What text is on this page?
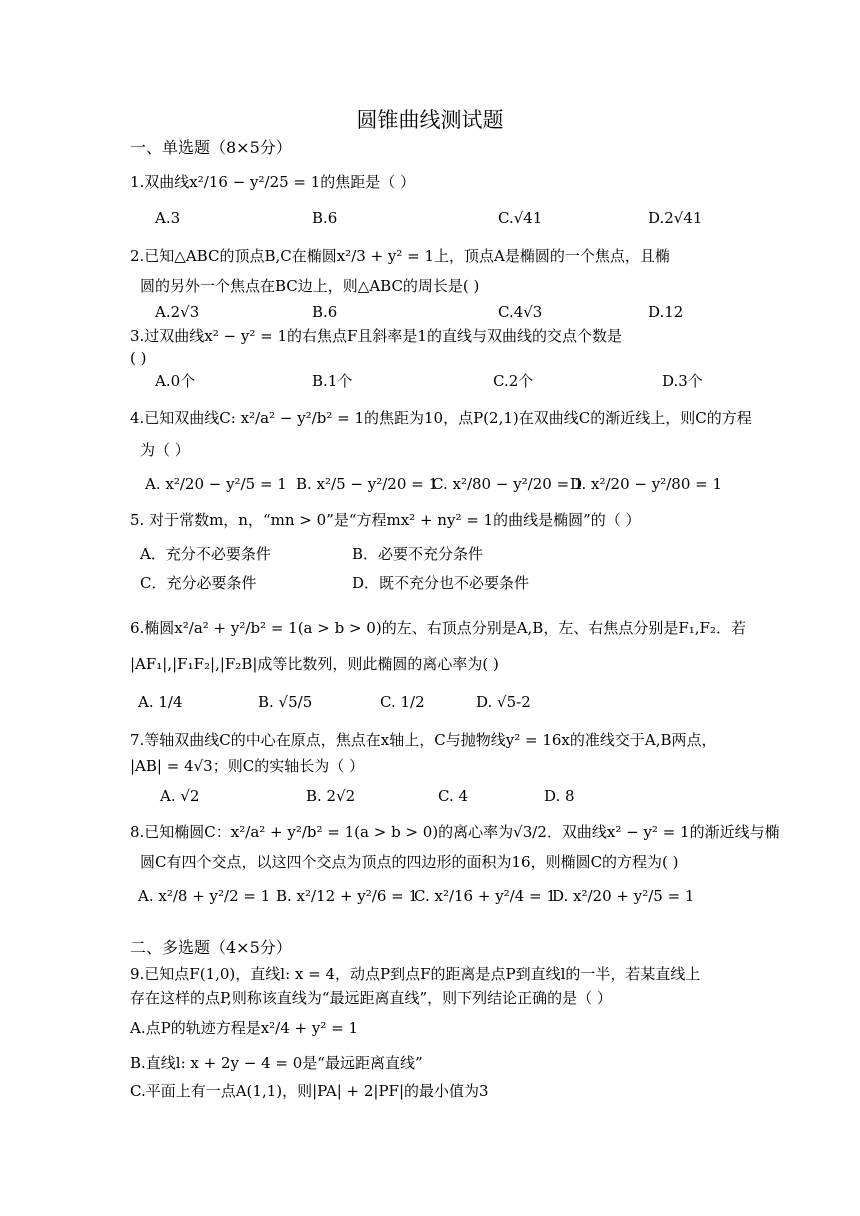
圆锥曲线测试题
一、单选题（8×5分）
1.双曲线x²/16 − y²/25 = 1的焦距是（ ）
A.3	B.6	C.√41	D.2√41
2.已知△ABC的顶点B,C在椭圆x²/3 + y² = 1上，顶点A是椭圆的一个焦点，且椭
圆的另外一个焦点在BC边上，则△ABC的周长是( )
A.2√3	B.6	C.4√3	D.12
3.过双曲线x² − y² = 1的右焦点F且斜率是1的直线与双曲线的交点个数是
( )
A.0个	B.1个	C.2个	D.3个
4.已知双曲线C: x²/a² − y²/b² = 1的焦距为10，点P(2,1)在双曲线C的渐近线上，则C的方程
为（ ）
A. x²/20 − y²/5 = 1 B. x²/5 − y²/20 = 1
C. x²/80 − y²/20 = 1
D. x²/20 − y²/80 = 1
5. 对于常数m，n，“mn > 0”是“方程mx² + ny² = 1的曲线是椭圆”的（ ）
A．充分不必要条件	B．必要不充分条件
C．充分必要条件	D．既不充分也不必要条件
6.椭圆x²/a² + y²/b² = 1(a > b > 0)的左、右顶点分别是A,B，左、右焦点分别是F₁,F₂．若
|AF₁|,|F₁F₂|,|F₂B|成等比数列，则此椭圆的离心率为( )
A. 1/4	B. √5/5	C. 1/2	D. √5-2
7.等轴双曲线C的中心在原点，焦点在x轴上，C与抛物线y² = 16x的准线交于A,B两点，
|AB| = 4√3；则C的实轴长为（ ）
A. √2	B. 2√2	C. 4	D. 8
8.已知椭圆C：x²/a² + y²/b² = 1(a > b > 0)的离心率为√3/2．双曲线x² − y² = 1的渐近线与椭
圆C有四个交点，以这四个交点为顶点的四边形的面积为16，则椭圆C的方程为( )
A. x²/8 + y²/2 = 1 B. x²/12 + y²/6 = 1
C. x²/16 + y²/4 = 1
D. x²/20 + y²/5 = 1
二、多选题（4×5分）
9.已知点F(1,0)，直线l: x = 4，动点P到点F的距离是点P到直线l的一半，若某直线上
存在这样的点P,则称该直线为“最远距离直线”，则下列结论正确的是（ ）
A.点P的轨迹方程是x²/4 + y² = 1
B.直线l: x + 2y − 4 = 0是“最远距离直线”
C.平面上有一点A(1,1)，则|PA| + 2|PF|的最小值为3
